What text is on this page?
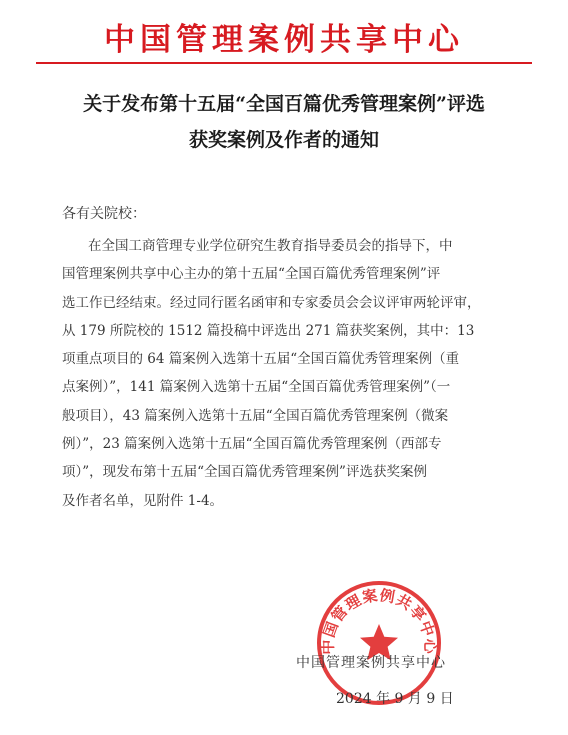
中国管理案例共享中心
关于发布第十五届“全国百篇优秀管理案例”评选
获奖案例及作者的通知
各有关院校：
在全国工商管理专业学位研究生教育指导委员会的指导下，中
国管理案例共享中心主办的第十五届“全国百篇优秀管理案例”评
选工作已经结束。经过同行匿名函审和专家委员会会议评审两轮评审，
从 179 所院校的 1512 篇投稿中评选出 271 篇获奖案例，其中：13
项重点项目的 64 篇案例入选第十五届“全国百篇优秀管理案例（重
点案例）”，141 篇案例入选第十五届“全国百篇优秀管理案例”（一
般项目），43 篇案例入选第十五届“全国百篇优秀管理案例（微案
例）”，23 篇案例入选第十五届“全国百篇优秀管理案例（西部专
项）”，现发布第十五届“全国百篇优秀管理案例”评选获奖案例
及作者名单，见附件 1-4。
中国管理案例共享中心
中国管理案例共享中心
2024 年 9 月 9 日
